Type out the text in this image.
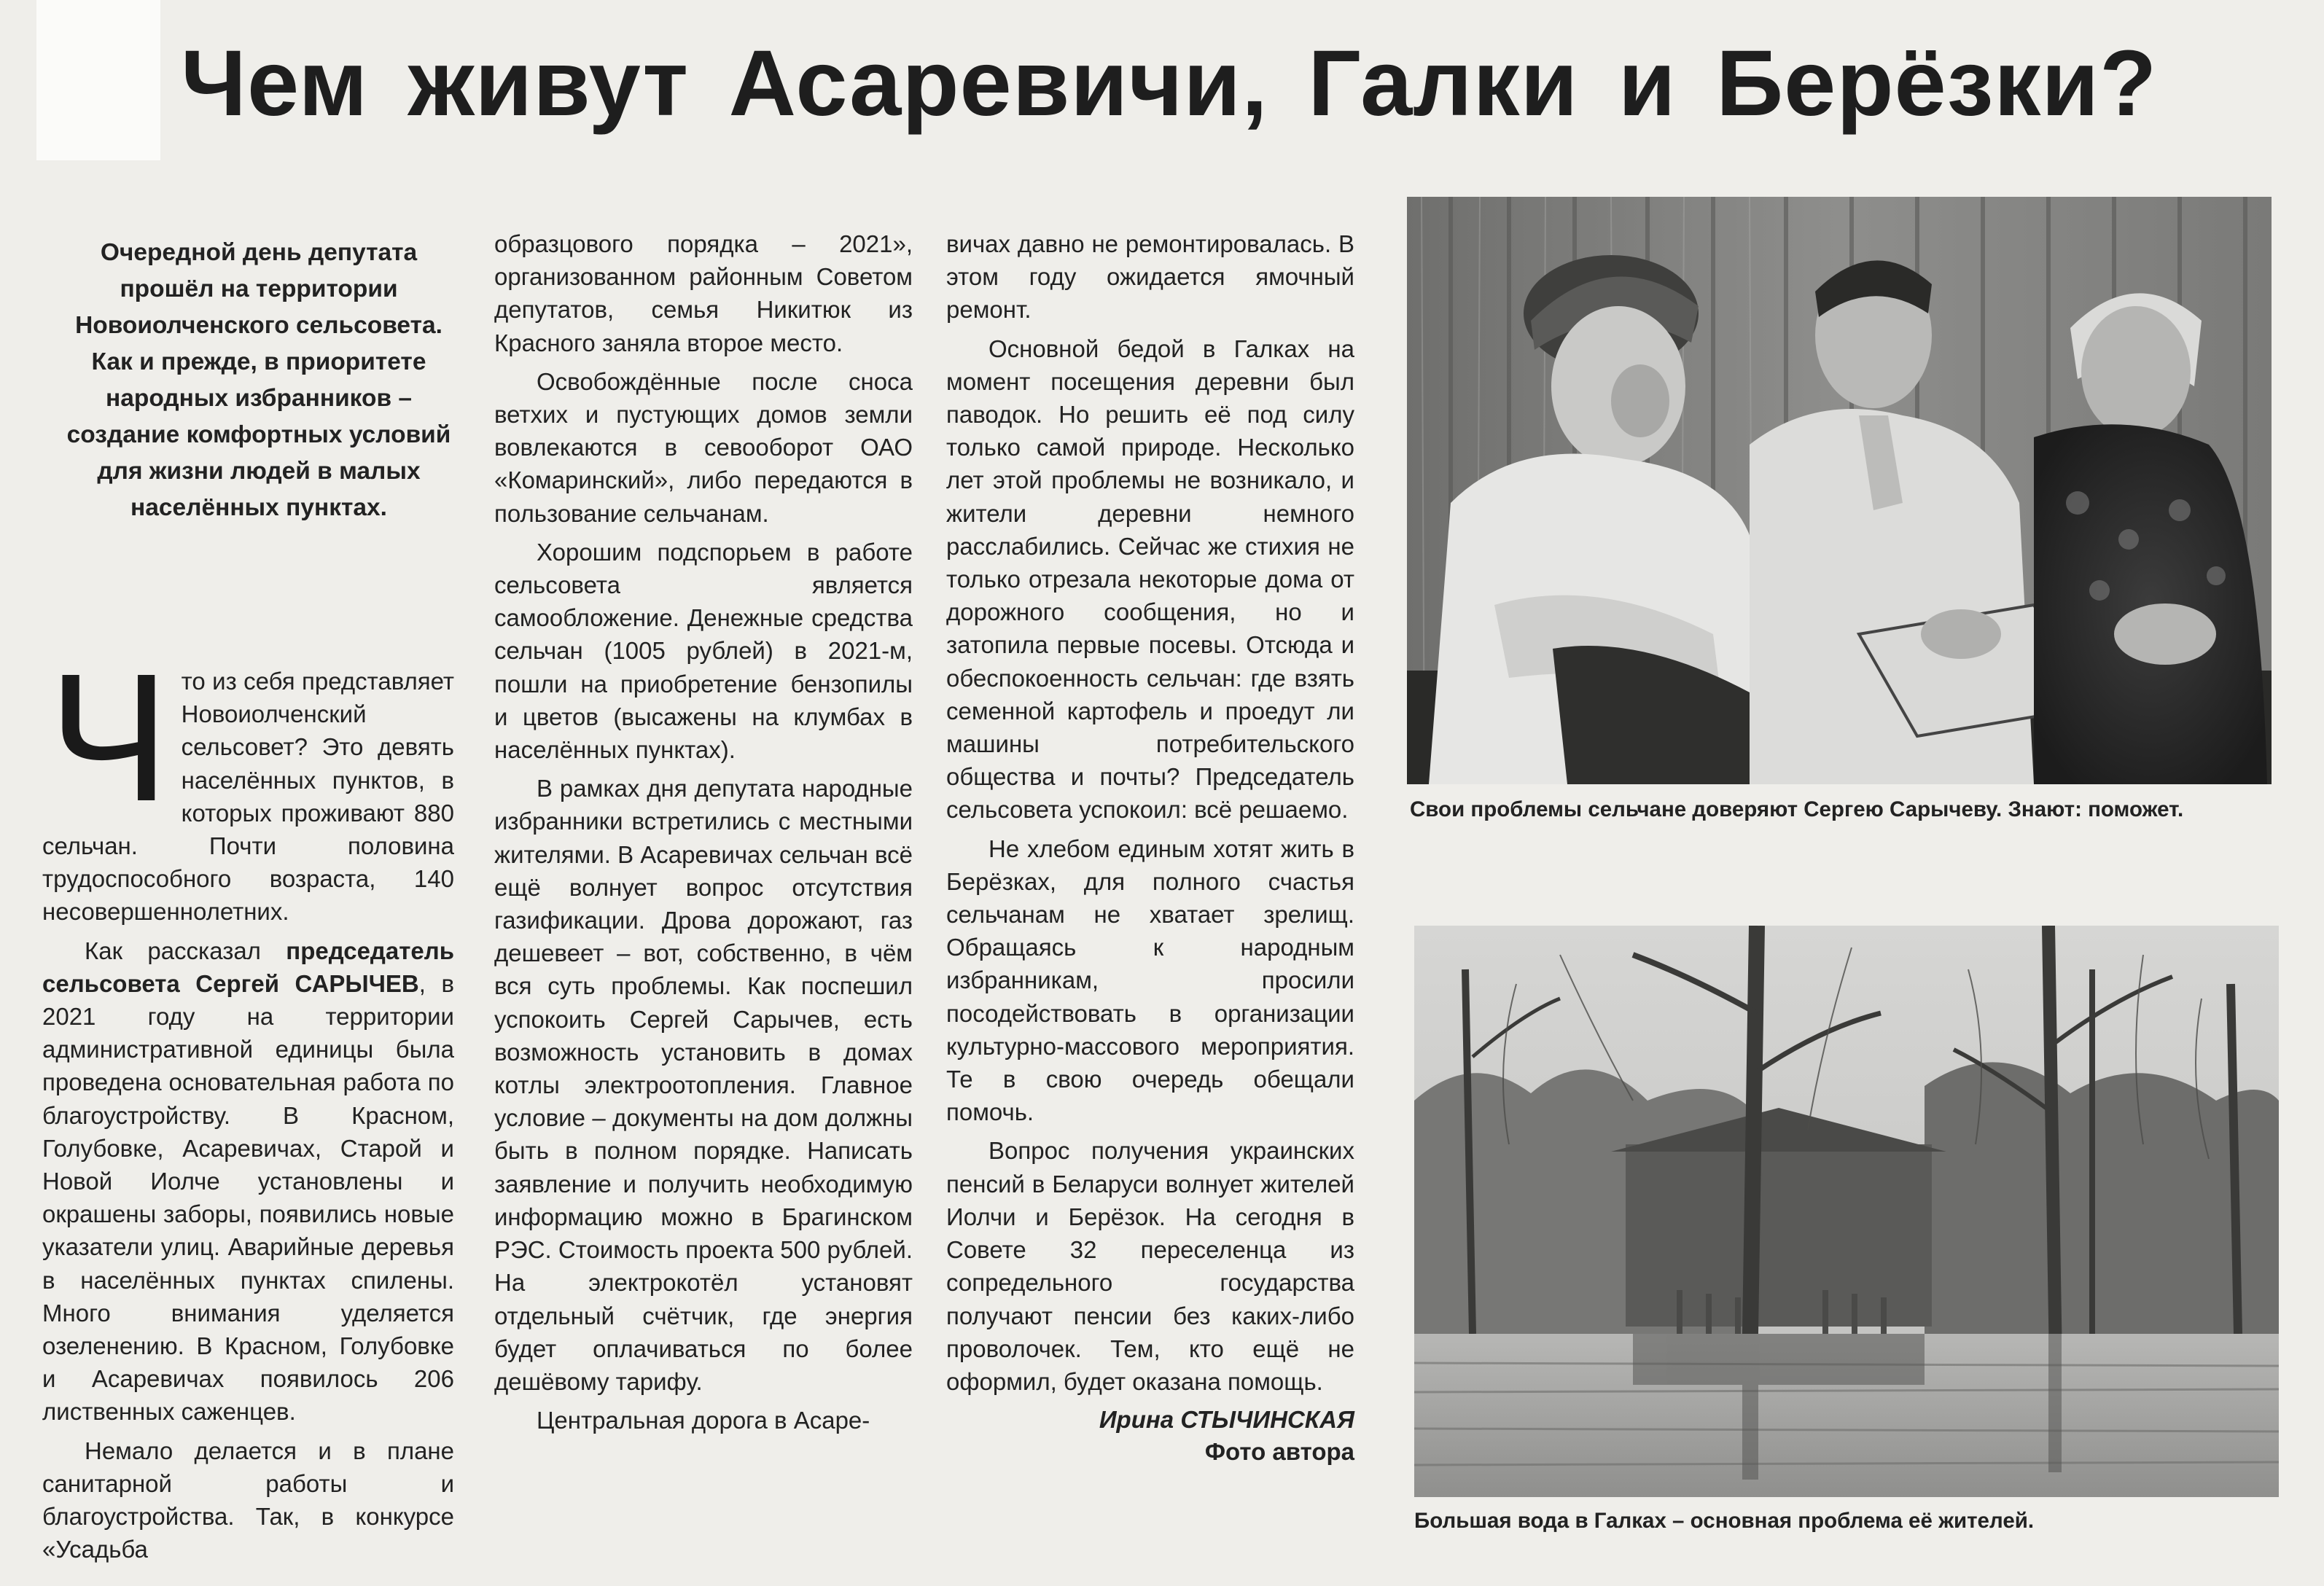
Чем живут Асаревичи, Галки и Берёзки?
Очередной день депутата прошёл на территории Новоиолченского сельсовета. Как и прежде, в приоритете народных избранников – создание комфортных условий для жизни людей в малых населённых пунктах.

Что из себя представляет Новоиолченский сельсовет? Это девять населённых пунктов, в которых проживают 880 сельчан. Почти половина трудоспособного возраста, 140 несовершеннолетних.

Как рассказал председатель сельсовета Сергей САРЫЧЕВ, в 2021 году на территории административной единицы была проведена основательная работа по благоустройству. В Красном, Голубовке, Асаревичах, Старой и Новой Иолче установлены и окрашены заборы, появились новые указатели улиц. Аварийные деревья в населённых пунктах спилены. Много внимания уделяется озеленению. В Красном, Голубовке и Асаревичах появилось 206 лиственных саженцев.

Немало делается и в плане санитарной работы и благоустройства. Так, в конкурсе «Усадьба

образцового порядка – 2021», организованном районным Советом депутатов, семья Никитюк из Красного заняла второе место.

Освобождённые после сноса ветхих и пустующих домов земли вовлекаются в севооборот ОАО «Комаринский», либо передаются в пользование сельчанам.

Хорошим подспорьем в работе сельсовета является самообложение. Денежные средства сельчан (1005 рублей) в 2021-м, пошли на приобретение бензопилы и цветов (высажены на клумбах в населённых пунктах).

В рамках дня депутата народные избранники встретились с местными жителями. В Асаревичах сельчан всё ещё волнует вопрос отсутствия газификации. Дрова дорожают, газ дешевеет – вот, собственно, в чём вся суть проблемы. Как поспешил успокоить Сергей Сарычев, есть возможность установить в домах котлы электроотопления. Главное условие – документы на дом должны быть в полном порядке. Написать заявление и получить необходимую информацию можно в Брагинском РЭС. Стоимость проекта 500 рублей. На электрокотёл установят отдельный счётчик, где энергия будет оплачиваться по более дешёвому тарифу.

Центральная дорога в Асаре-

вичах давно не ремонтировалась. В этом году ожидается ямочный ремонт.

Основной бедой в Галках на момент посещения деревни был паводок. Но решить её под силу только самой природе. Несколько лет этой проблемы не возникало, и жители деревни немного расслабились. Сейчас же стихия не только отрезала некоторые дома от дорожного сообщения, но и затопила первые посевы. Отсюда и обеспокоенность сельчан: где взять семенной картофель и проедут ли машины потребительского общества и почты? Председатель сельсовета успокоил: всё решаемо.

Не хлебом единым хотят жить в Берёзках, для полного счастья сельчанам не хватает зрелищ. Обращаясь к народным избранникам, просили посодействовать в организации культурно-массового мероприятия. Те в свою очередь обещали помочь.

Вопрос получения украинских пенсий в Беларуси волнует жителей Иолчи и Берёзок. На сегодня в Совете 32 переселенца из сопредельного государства получают пенсии без каких-либо проволочек. Тем, кто ещё не оформил, будет оказана помощь.

Ирина СТЫЧИНСКАЯ
Фото автора
Свои проблемы сельчане доверяют Сергею Сарычеву. Знают: поможет.
Большая вода в Галках – основная проблема её жителей.
